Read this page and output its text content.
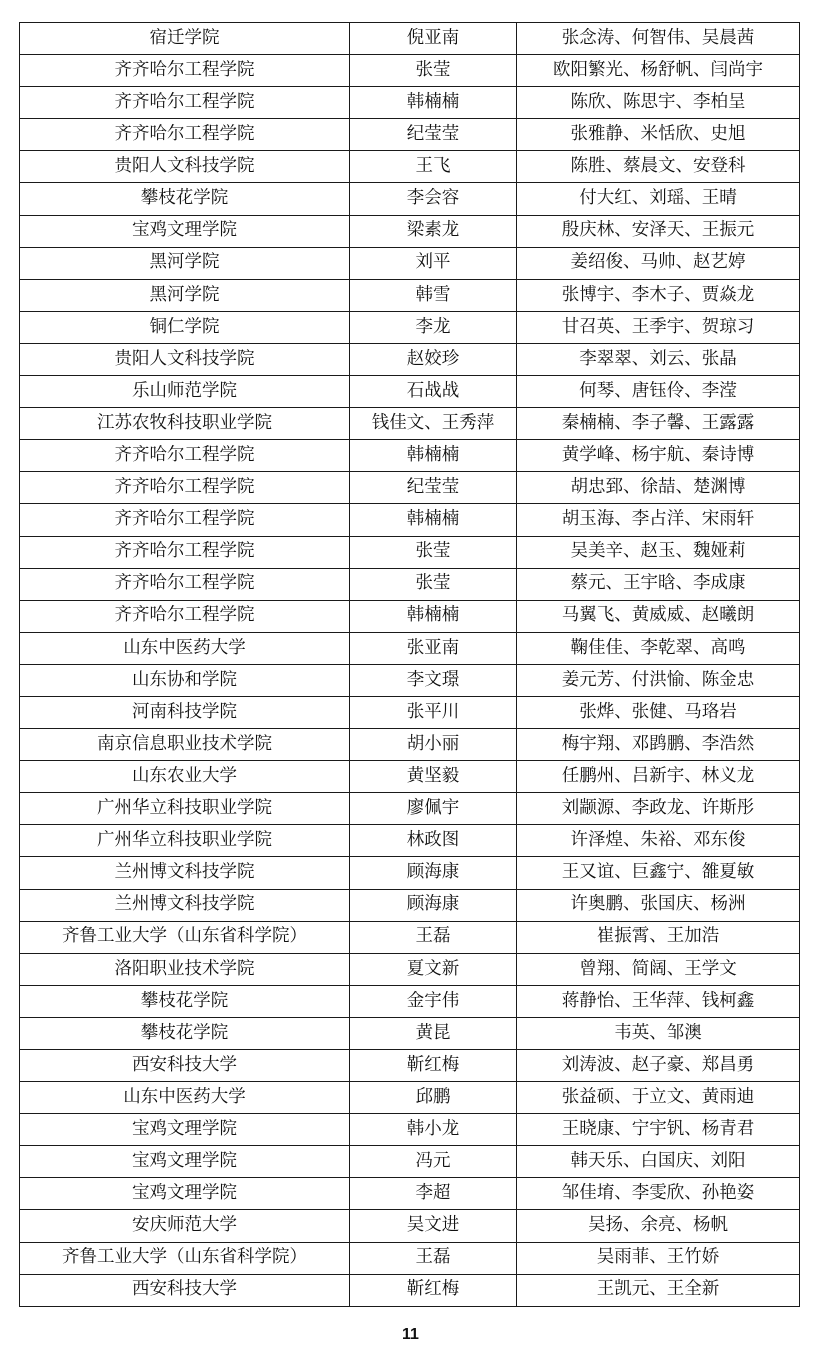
宿迁学院	倪亚南	张念涛、何智伟、吴晨茜
齐齐哈尔工程学院	张莹	欧阳繁光、杨舒帆、闫尚宇
齐齐哈尔工程学院	韩楠楠	陈欣、陈思宇、李柏呈
齐齐哈尔工程学院	纪莹莹	张雅静、米恬欣、史旭
贵阳人文科技学院	王飞	陈胜、蔡晨文、安登科
攀枝花学院	李会容	付大红、刘瑶、王晴
宝鸡文理学院	梁素龙	殷庆林、安泽天、王振元
黑河学院	刘平	姜绍俊、马帅、赵艺婷
黑河学院	韩雪	张博宇、李木子、贾焱龙
铜仁学院	李龙	甘召英、王季宇、贺琼习
贵阳人文科技学院	赵姣珍	李翠翠、刘云、张晶
乐山师范学院	石战战	何琴、唐钰伶、李滢
江苏农牧科技职业学院	钱佳文、王秀萍	秦楠楠、李子馨、王露露
齐齐哈尔工程学院	韩楠楠	黄学峰、杨宇航、秦诗博
齐齐哈尔工程学院	纪莹莹	胡忠郅、徐喆、楚渊博
齐齐哈尔工程学院	韩楠楠	胡玉海、李占洋、宋雨轩
齐齐哈尔工程学院	张莹	吴美辛、赵玉、魏娅莉
齐齐哈尔工程学院	张莹	蔡元、王宇晗、李成康
齐齐哈尔工程学院	韩楠楠	马翼飞、黄威威、赵曦朗
山东中医药大学	张亚南	鞠佳佳、李乾翠、高鸣
山东协和学院	李文璟	姜元芳、付洪愉、陈金忠
河南科技学院	张平川	张烨、张健、马珞岩
南京信息职业技术学院	胡小丽	梅宇翔、邓鹍鹏、李浩然
山东农业大学	黄坚毅	任鹏州、吕新宇、林义龙
广州华立科技职业学院	廖佩宇	刘颛源、李政龙、许斯彤
广州华立科技职业学院	林政图	许泽煌、朱裕、邓东俊
兰州博文科技学院	顾海康	王又谊、巨鑫宁、雒夏敏
兰州博文科技学院	顾海康	许奥鹏、张国庆、杨洲
齐鲁工业大学（山东省科学院）	王磊	崔振霄、王加浩
洛阳职业技术学院	夏文新	曾翔、简阔、王学文
攀枝花学院	金宇伟	蒋静怡、王华萍、钱柯鑫
攀枝花学院	黄昆	韦英、邹澳
西安科技大学	靳红梅	刘涛波、赵子豪、郑昌勇
山东中医药大学	邱鹏	张益硕、于立文、黄雨迪
宝鸡文理学院	韩小龙	王晓康、宁宇钒、杨青君
宝鸡文理学院	冯元	韩天乐、白国庆、刘阳
宝鸡文理学院	李超	邹佳堉、李雯欣、孙艳姿
安庆师范大学	吴文进	吴扬、余亮、杨帆
齐鲁工业大学（山东省科学院）	王磊	吴雨菲、王竹娇
西安科技大学	靳红梅	王凯元、王全新
11
